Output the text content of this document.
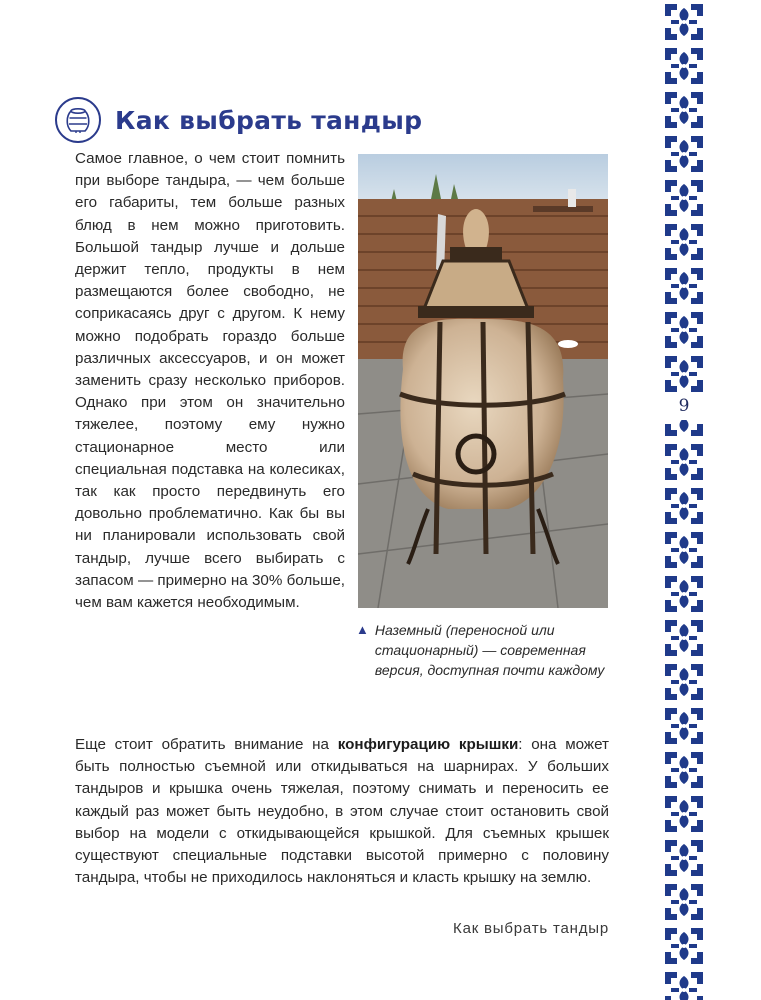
9
Как выбрать тандыр

Самое главное, о чем стоит помнить при выборе тандыра, — чем больше его габариты, тем больше разных блюд в нем можно приготовить. Большой тандыр лучше и дольше держит тепло, продукты в нем размещаются более свободно, не соприкасаясь друг с другом. К нему можно подобрать гораздо больше различных аксессуаров, и он может заменить сразу несколько приборов. Однако при этом он значительно тяжелее, поэтому ему нужно стационарное место или специальная подставка на колесиках, так как просто передвинуть его довольно проблематично. Как бы вы ни планировали использовать свой тандыр, лучше всего выбирать с запасом — примерно на 30% больше, чем вам кажется необходимым.

▲ Наземный (переносной или стационарный) — современная версия, доступная почти каждому

Еще стоит обратить внимание на конфигурацию крышки: она может быть полностью съемной или откидываться на шарнирах. У больших тандыров и крышка очень тяжелая, поэтому снимать и переносить ее каждый раз может быть неудобно, в этом случае стоит остановить свой выбор на модели с откидывающейся крышкой. Для съемных крышек существуют специальные подставки высотой примерно с половину тандыра, чтобы не приходилось наклоняться и класть крышку на землю.

Как выбрать тандыр
